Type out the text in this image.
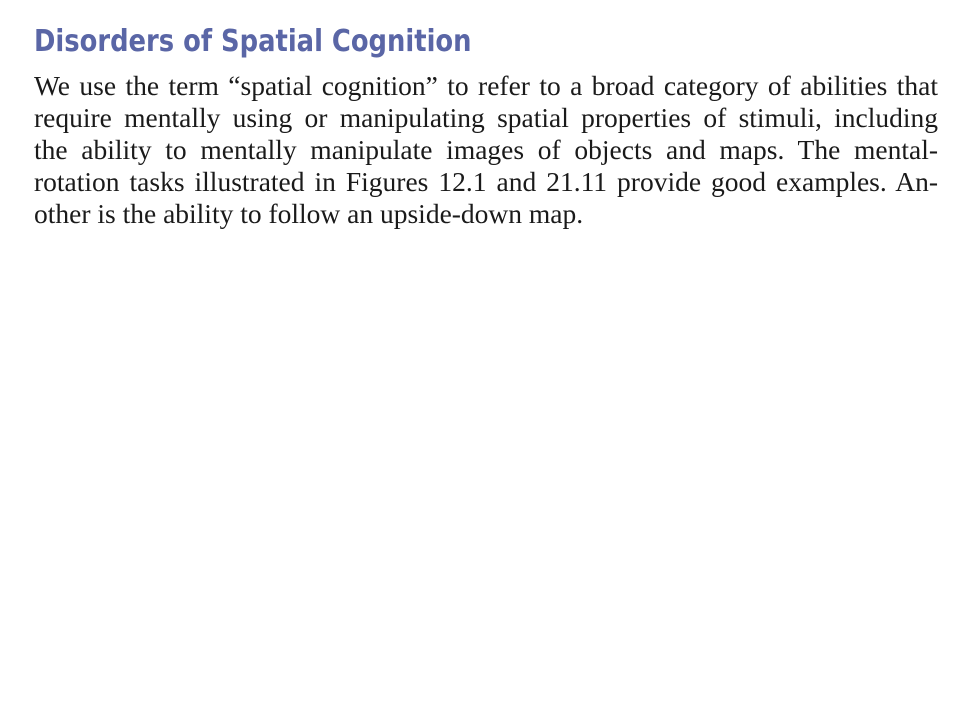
Disorders of Spatial Cognition

We use the term “spatial cognition” to refer to a broad category of abilities that
require mentally using or manipulating spatial properties of stimuli, including
the ability to mentally manipulate images of objects and maps. The mental-
rotation tasks illustrated in Figures 12.1 and 21.11 provide good examples. An-
other is the ability to follow an upside-down map.
